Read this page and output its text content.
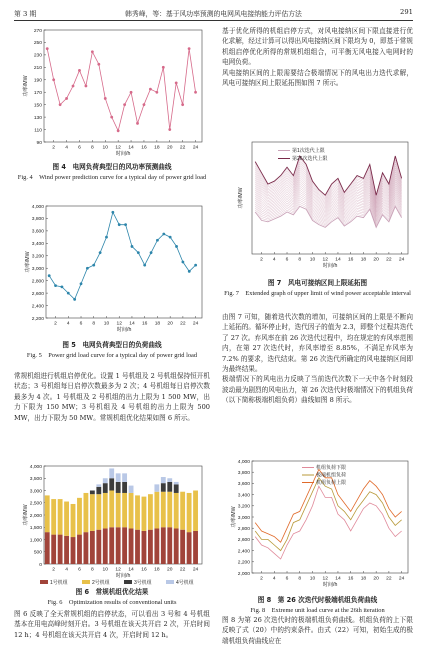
第 3 期	韩秀峰，等：基于风功率预测的电网风电接纳能力评估方法	291
90
110
130
150
170
190
210
230
250
270
2 4 6 8 10 12 14 16 18 20 22 24
功率/MW
时间/h
图 4　电网负荷典型日的风功率预测曲线
Fig. 4　Wind power prediction curve for a typical day of power grid load
2,200
2,400
2,600
2,800
3,000
3,200
3,400
3,600
3,800
4,000
2 4 6 8 10 12 14 16 18 20 22 24
功率/MW
时间/h
图 5　电网负荷典型日的负荷曲线
Fig. 5　Power grid load curve for a typical day of power grid load

常规机组进行机组启停优化。设置 1 号机组及 2 号机组保持恒开机状态；3 号机组每日启停次数最多为 2 次；4 号机组每日启停次数最多为 4 次。1 号机组及 2 号机组的出力上限为 1 500 MW，出力下限为 150 MW；3 号机组及 4 号机组的出力上限为 500 MW，出力下限为 50 MW。常规机组优化结果如图 6 所示。

0
500
1,000
1,500
2,000
2,500
3,000
3,500
4,000
2 4 6 8 10 12 14 16 18 20 22 24
功率/MW
时间/h
1号机组	2号机组	3号机组	4号机组
图 6　常规机组优化结果
Fig. 6　Optimization results of conventional units

图 6 反映了全天常规机组的启停状态，可以看出 3 号和 4 号机组基本在用电高峰时刻开启。3 号机组在该天共开启 2 次，开启时间 12 h；4 号机组在该天共开启 4 次，开启时间 12 h。

基于优化所得的机组启停方式，对风电接纳区间下限直接进行优化求解，经过计算可以得出风电接纳区间下限均为 0，即基于常规机组启停优化所得的常规机组组合，可平衡无风电接入电网时的电网负荷。

风电接纳区间的上限需要结合极端情况下的风电出力迭代求解，风电可接纳区间上限延拓图如图 7 所示。

2 4 6 8 10 12 14 16 18 20 22 24
功率/MW
时间/h
第1次迭代上限
第26次迭代上限
图 7　风电可接纳区间上限延拓图
Fig. 7　Extended graph of upper limit of wind power acceptable interval

由图 7 可知，随着迭代次数的增加，可接纳区间的上限是不断向上延拓的。循环停止时，迭代因子的值为 2.3，即整个过程共迭代了 27 次。弃风率在前 26 次迭代过程中，均在规定的弃风率范围内，在第 27 次迭代时，弃风率增至 8.85%，不满足弃风率为 7.2% 的要求，迭代结束。第 26 次迭代所确定的风电接纳区间即为最终结果。

极端情况下的风电出力反映了当前迭代次数下一天中各个时刻段波动最为剧烈的风电出力，第 26 次迭代时极端情况下的机组负荷（以下简称极端机组负荷）曲线如图 8 所示。

2,000
2,200
2,400
2,600
2,800
3,000
3,200
3,400
3,600
3,800
4,000
2 4 6 8 10 12 14 16 18 20 22 24
功率/MW
时间/h
机组负荷下限
极端机组负荷
机组负荷上限
图 8　第 26 次迭代时极端机组负荷曲线
Fig. 8　Extreme unit load curve at the 26th iteration

图 8 为第 26 次迭代时的极端机组负荷曲线。机组负荷的上下限反映了式（20）中的约束条件。由式（22）可知，初始生成的极端机组负荷曲线应在
